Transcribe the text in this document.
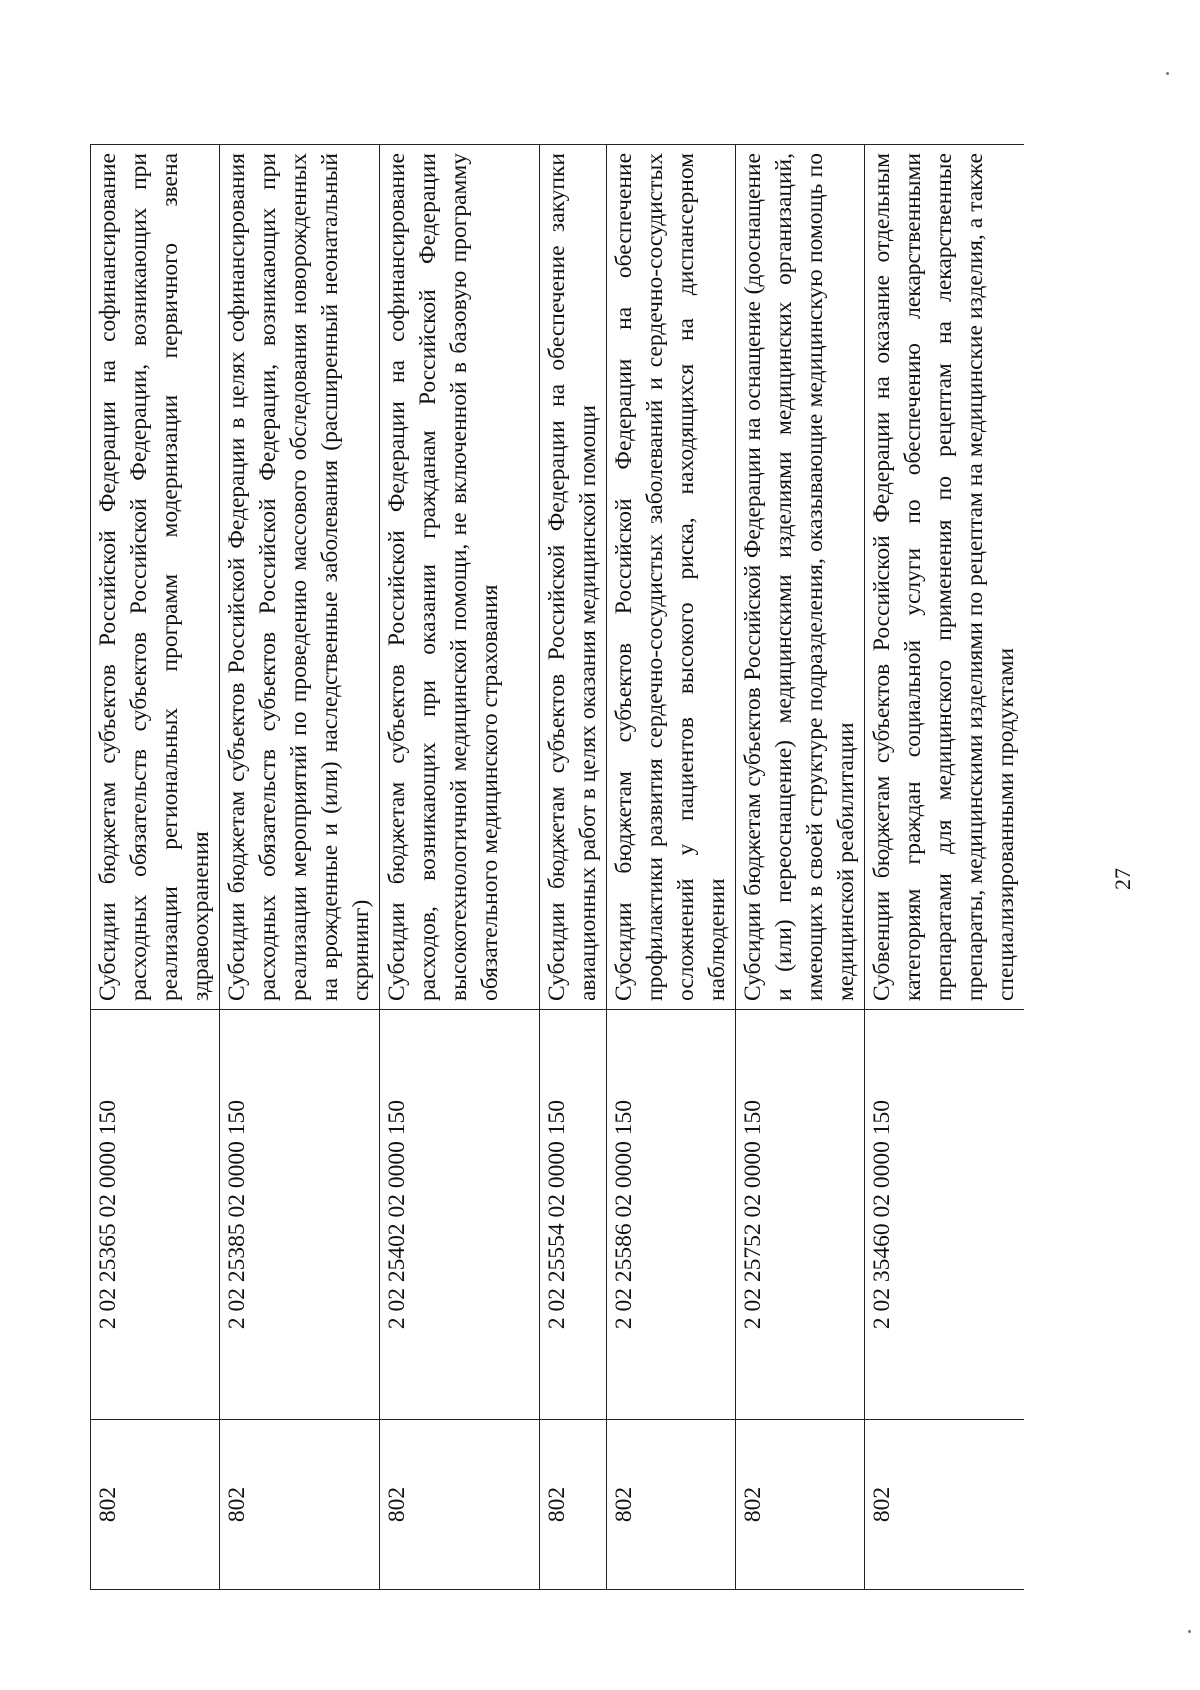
802	2 02 25365 02 0000 150	Субсидии бюджетам субъектов Российской Федерации на софинансирование расходных обязательств субъектов Российской Федерации, возникающих при реализации региональных программ модернизации первичного звена здравоохранения
802	2 02 25385 02 0000 150	Субсидии бюджетам субъектов Российской Федерации в целях софинансирования расходных обязательств субъектов Российской Федерации, возникающих при реализации мероприятий по проведению массового обследования новорожденных на врожденные и (или) наследственные заболевания (расширенный неонатальный скрининг)
802	2 02 25402 02 0000 150	Субсидии бюджетам субъектов Российской Федерации на софинансирование расходов, возникающих при оказании гражданам Российской Федерации высокотехнологичной медицинской помощи, не включенной в базовую программу обязательного медицинского страхования
802	2 02 25554 02 0000 150	Субсидии бюджетам субъектов Российской Федерации на обеспечение закупки авиационных работ в целях оказания медицинской помощи
802	2 02 25586 02 0000 150	Субсидии бюджетам субъектов Российской Федерации на обеспечение профилактики развития сердечно-сосудистых заболеваний и сердечно-сосудистых осложнений у пациентов высокого риска, находящихся на диспансерном наблюдении
802	2 02 25752 02 0000 150	Субсидии бюджетам субъектов Российской Федерации на оснащение (дооснащение и (или) переоснащение) медицинскими изделиями медицинских организаций, имеющих в своей структуре подразделения, оказывающие медицинскую помощь по медицинской реабилитации
802	2 02 35460 02 0000 150	Субвенции бюджетам субъектов Российской Федерации на оказание отдельным категориям граждан социальной услуги по обеспечению лекарственными препаратами для медицинского применения по рецептам на лекарственные препараты, медицинскими изделиями по рецептам на медицинские изделия, а также специализированными продуктами	27
